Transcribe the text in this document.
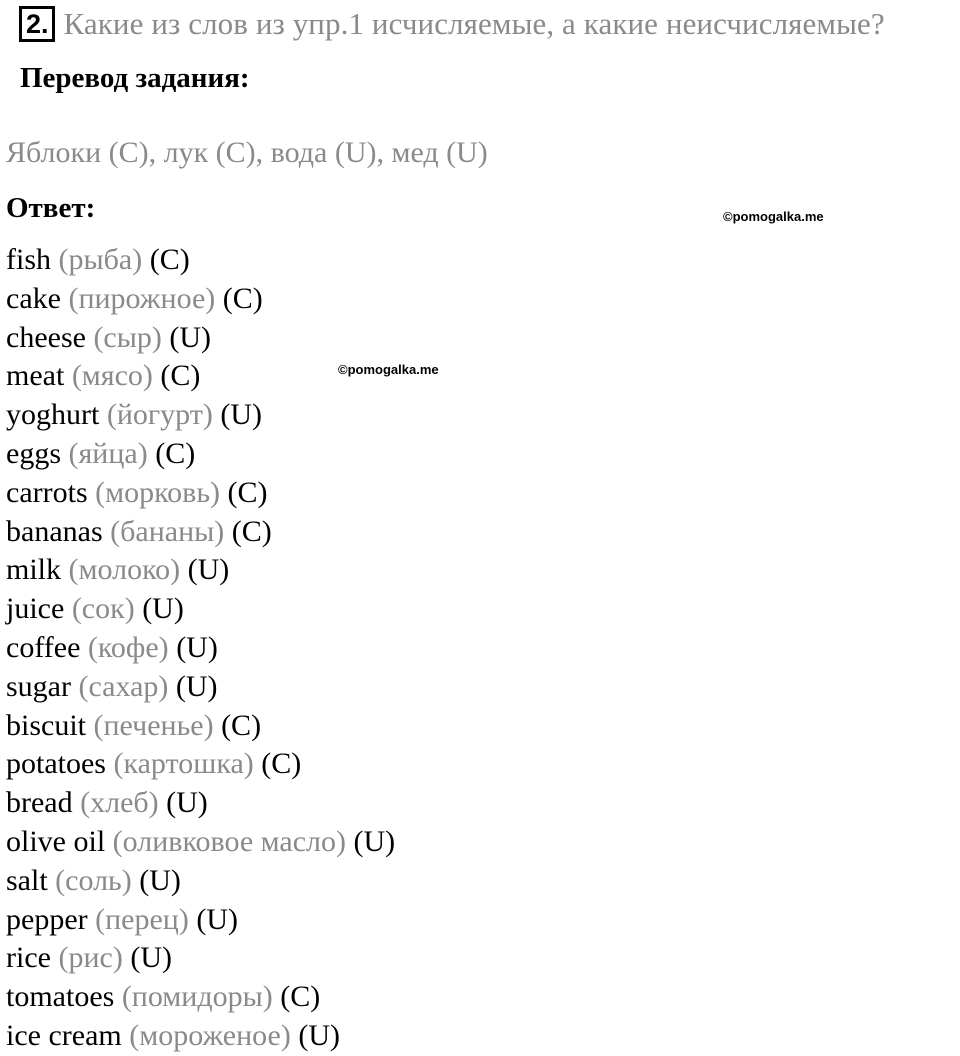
2. Какие из слов из упр.1 исчисляемые, а какие неисчисляемые?
Перевод задания:
Яблоки (С), лук (С), вода (U), мед (U)
Ответ:	©pomogalka.me
©pomogalka.me
fish (рыба) (C)
cake (пирожное) (C)
cheese (сыр) (U)
meat (мясо) (C)
yoghurt (йогурт) (U)
eggs (яйца) (C)
carrots (морковь) (C)
bananas (бананы) (C)
milk (молоко) (U)
juice (сок) (U)
coffee (кофе) (U)
sugar (сахар) (U)
biscuit (печенье) (C)
potatoes (картошка) (C)
bread (хлеб) (U)
olive oil (оливковое масло) (U)
salt (соль) (U)
pepper (перец) (U)
rice (рис) (U)
tomatoes (помидоры) (C)
ice cream (мороженое) (U)
